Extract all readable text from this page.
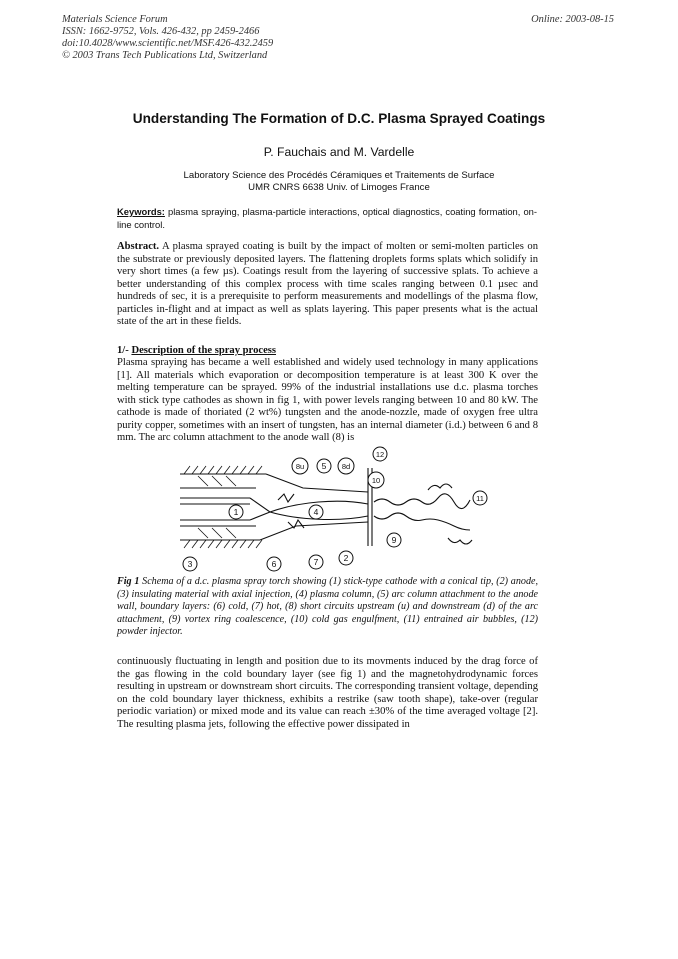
Materials Science Forum
ISSN: 1662-9752, Vols. 426-432, pp 2459-2466
doi:10.4028/www.scientific.net/MSF.426-432.2459
© 2003 Trans Tech Publications Ltd, Switzerland
Online: 2003-08-15
Understanding The Formation of D.C. Plasma Sprayed Coatings
P. Fauchais and M. Vardelle
Laboratory Science des Procédés Céramiques et Traitements de Surface
UMR CNRS 6638 Univ. of Limoges France
Keywords: plasma spraying, plasma-particle interactions, optical diagnostics, coating formation, on-line control.
Abstract. A plasma sprayed coating is built by the impact of molten or semi-molten particles on the substrate or previously deposited layers. The flattening droplets forms splats which solidify in very short times (a few µs). Coatings result from the layering of successive splats. To achieve a better understanding of this complex process with time scales ranging between 0.1 µsec and hundreds of sec, it is a prerequisite to perform measurements and modellings of the plasma flow, particles in-flight and at impact as well as splats layering. This paper presents what is the actual state of the art in these fields.
1/- Description of the spray process
Plasma spraying has became a well established and widely used technology in many applications [1]. All materials which evaporation or decomposition temperature is at least 300 K over the melting temperature can be sprayed. 99% of the industrial installations use d.c. plasma torches with stick type cathodes as shown in fig 1, with power levels ranging between 10 and 80 kW. The cathode is made of thoriated (2 wt%) tungsten and the anode-nozzle, made of oxygen free ultra purity copper, sometimes with an insert of tungsten, has an internal diameter (i.d.) between 6 and 8 mm. The arc column attachment to the anode wall (8) is
1
2
3
4
5
6	7
8u	8d
9
10
11
12
Fig 1 Schema of a d.c. plasma spray torch showing (1) stick-type cathode with a conical tip, (2) anode, (3) insulating material with axial injection, (4) plasma column, (5) arc column attachment to the anode wall, boundary layers: (6) cold, (7) hot, (8) short circuits upstream (u) and downstream (d) of the arc attachment, (9) vortex ring coalescence, (10) cold gas engulfment, (11) entrained air bubbles, (12) powder injector.
continuously fluctuating in length and position due to its movments induced by the drag force of the gas flowing in the cold boundary layer (see fig 1) and the magnetohydrodynamic forces resulting in upstream or downstream short circuits. The corresponding transient voltage, depending on the cold boundary layer thickness, exhibits a restrike (saw tooth shape), take-over (regular periodic variation) or mixed mode and its value can reach ±30% of the time averaged voltage [2]. The resulting plasma jets, following the effective power dissipated in
